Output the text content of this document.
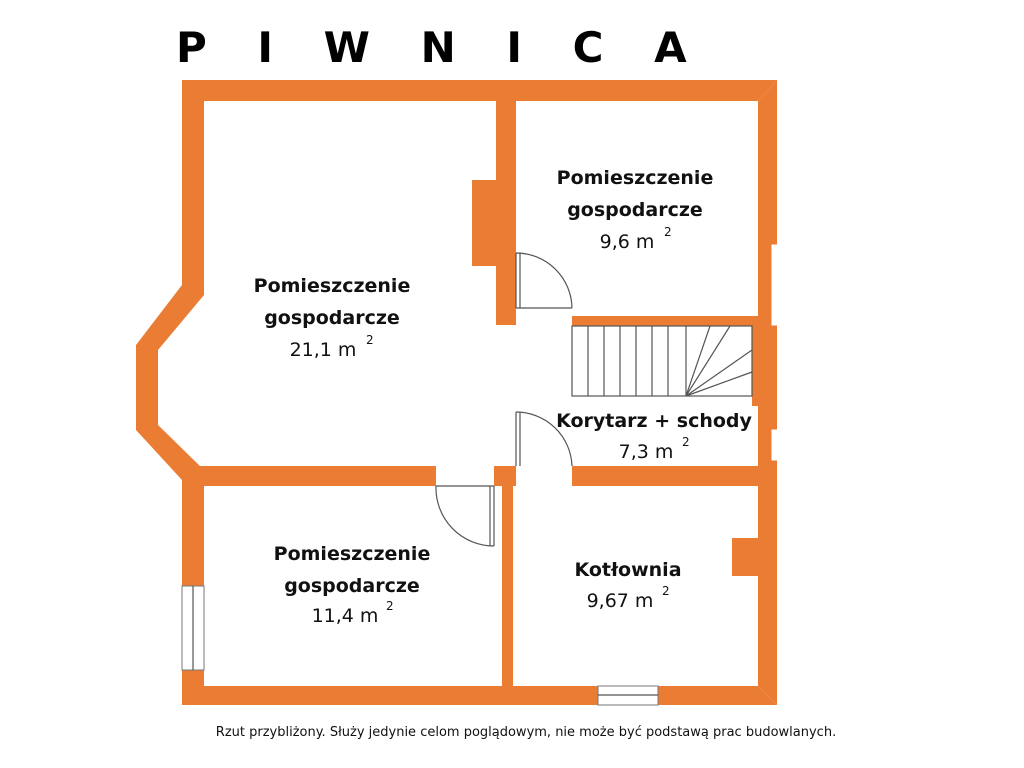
P I W N I C A
Pomieszczenie
gospodarcze
21,1 m 2
Pomieszczenie
gospodarcze
9,6 m 2
Korytarz + schody
7,3 m 2
Pomieszczenie
gospodarcze
11,4 m 2
Kotłownia
9,67 m 2
Rzut przybliżony. Służy jedynie celom poglądowym, nie może być podstawą prac budowlanych.
